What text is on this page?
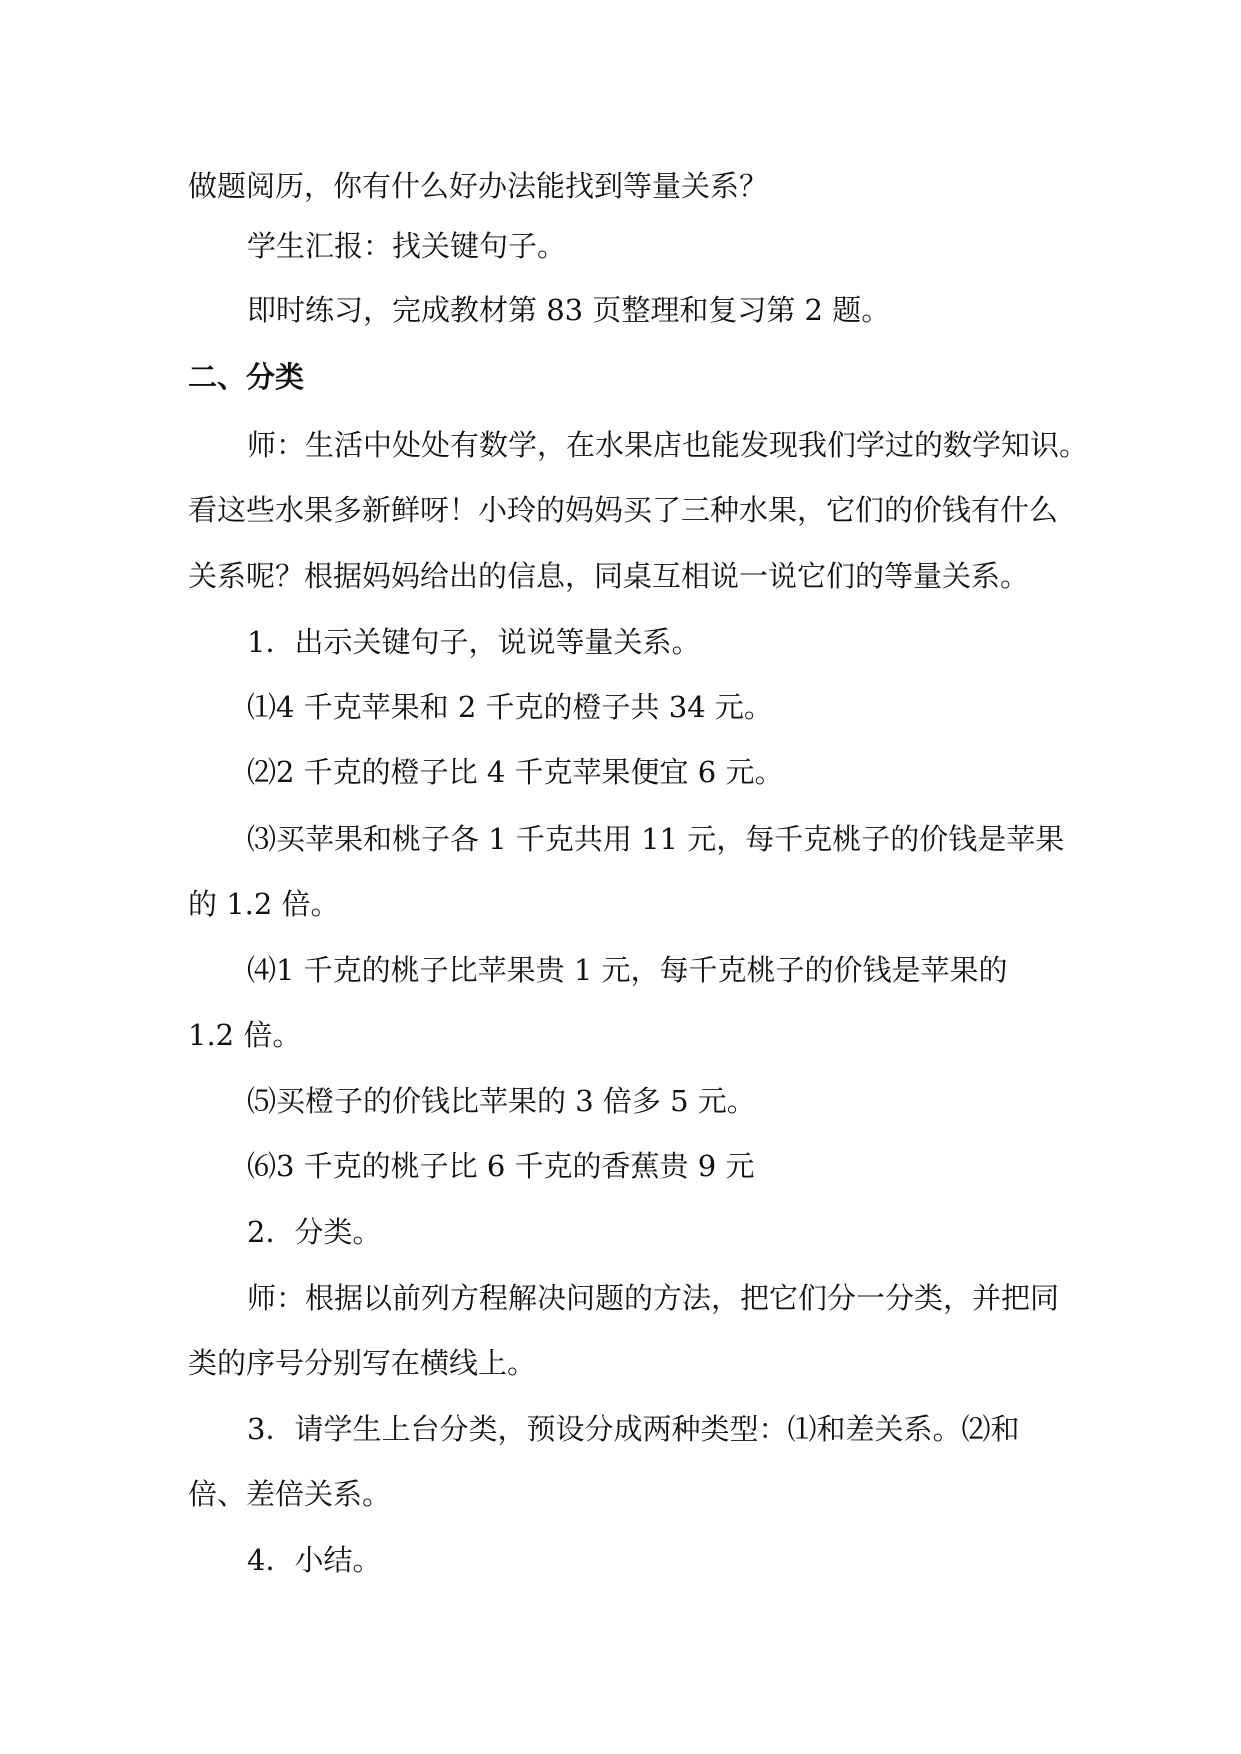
做题阅历，你有什么好办法能找到等量关系？

学生汇报：找关键句子。

即时练习，完成教材第 83 页整理和复习第 2 题。

二、分类

师：生活中处处有数学，在水果店也能发现我们学过的数学知识。

看这些水果多新鲜呀！小玲的妈妈买了三种水果，它们的价钱有什么

关系呢？根据妈妈给出的信息，同桌互相说一说它们的等量关系。

1．出示关键句子，说说等量关系。

⑴4 千克苹果和 2 千克的橙子共 34 元。

⑵2 千克的橙子比 4 千克苹果便宜 6 元。

⑶买苹果和桃子各 1 千克共用 11 元，每千克桃子的价钱是苹果

的 1.2 倍。

⑷1 千克的桃子比苹果贵 1 元，每千克桃子的价钱是苹果的

1.2 倍。

⑸买橙子的价钱比苹果的 3 倍多 5 元。

⑹3 千克的桃子比 6 千克的香蕉贵 9 元

2．分类。

师：根据以前列方程解决问题的方法，把它们分一分类，并把同

类的序号分别写在横线上。

3．请学生上台分类，预设分成两种类型：⑴和差关系。⑵和

倍、差倍关系。

4．小结。
